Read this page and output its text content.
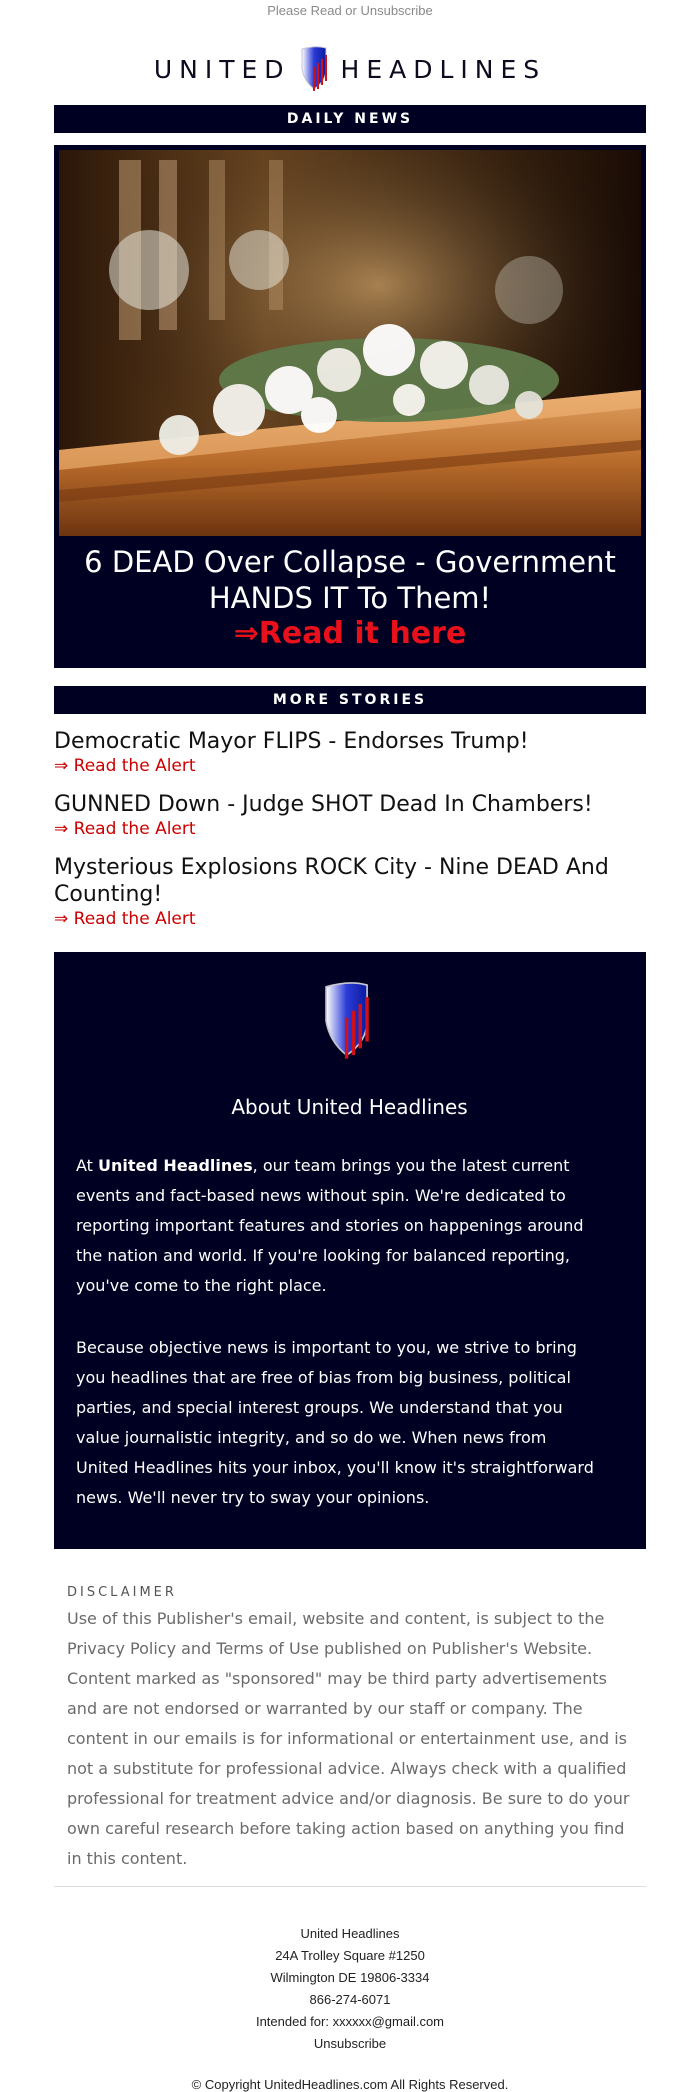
Please Read or Unsubscribe
UNITED HEADLINES
DAILY NEWS
6 DEAD Over Collapse - Government HANDS IT To Them!
⇒Read it here
MORE STORIES
Democratic Mayor FLIPS - Endorses Trump!
⇒ Read the Alert
GUNNED Down - Judge SHOT Dead In Chambers!
⇒ Read the Alert
Mysterious Explosions ROCK City - Nine DEAD And Counting!
⇒ Read the Alert
About United Headlines

At United Headlines, our team brings you the latest current events and fact-based news without spin. We're dedicated to reporting important features and stories on happenings around the nation and world. If you're looking for balanced reporting, you've come to the right place.

Because objective news is important to you, we strive to bring you headlines that are free of bias from big business, political parties, and special interest groups. We understand that you value journalistic integrity, and so do we. When news from United Headlines hits your inbox, you'll know it's straightforward news. We'll never try to sway your opinions.

DISCLAIMER
Use of this Publisher's email, website and content, is subject to the Privacy Policy and Terms of Use published on Publisher's Website. Content marked as "sponsored" may be third party advertisements and are not endorsed or warranted by our staff or company. The content in our emails is for informational or entertainment use, and is not a substitute for professional advice. Always check with a qualified professional for treatment advice and/or diagnosis. Be sure to do your own careful research before taking action based on anything you find in this content.
United Headlines
24A Trolley Square #1250
Wilmington DE 19806-3334
866-274-6071
Intended for: xxxxxx@gmail.com
Unsubscribe
© Copyright UnitedHeadlines.com All Rights Reserved.
